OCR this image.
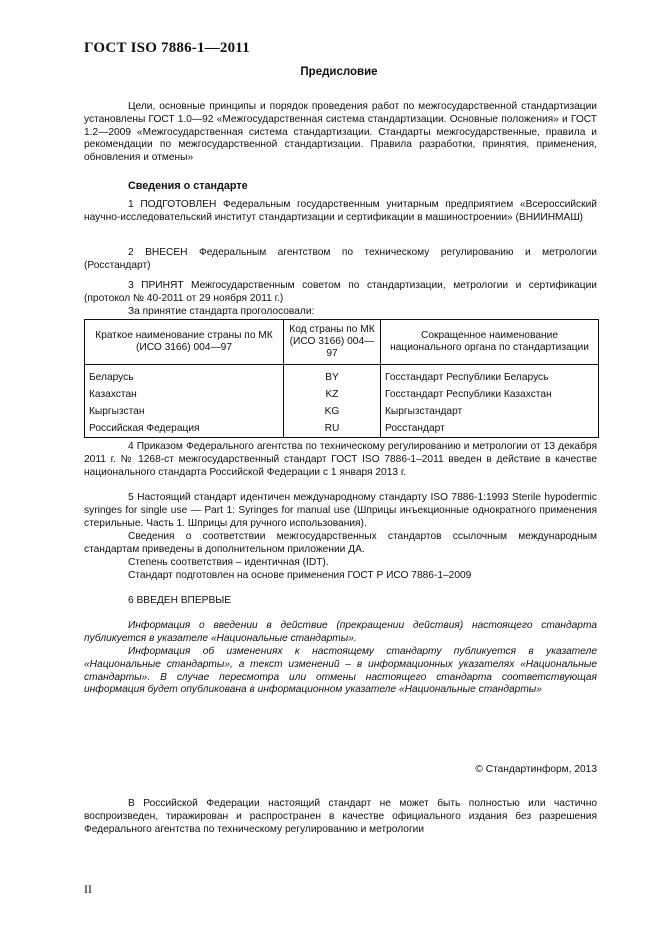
ГОСТ ISO 7886-1—2011
Предисловие
Цели, основные принципы и порядок проведения работ по межгосударственной стандартизации установлены ГОСТ 1.0—92 «Межгосударственная система стандартизации. Основные положения» и ГОСТ 1.2—2009 «Межгосударственная система стандартизации. Стандарты межгосударственные, правила и рекомендации по межгосударственной стандартизации. Правила разработки, принятия, применения, обновления и отмены»
Сведения о стандарте
1 ПОДГОТОВЛЕН Федеральным государственным унитарным предприятием «Всероссийский научно-исследовательский институт стандартизации и сертификации в машиностроении» (ВНИИНМАШ)
2 ВНЕСЕН Федеральным агентством по техническому регулированию и метрологии (Росстандарт)
3 ПРИНЯТ Межгосударственным советом по стандартизации, метрологии и сертификации (протокол № 40-2011 от 29 ноября 2011 г.)
За принятие стандарта проголосовали:
Краткое наименование страны по МК (ИСО 3166) 004—97	Код страны по МК (ИСО 3166) 004—97	Сокращенное наименование национального органа по стандартизации
Беларусь	BY	Госстандарт Республики Беларусь
Казахстан	KZ	Госстандарт Республики Казахстан
Кыргызстан	KG	Кыргызстандарт
Российская Федерация	RU	Росстандарт
4 Приказом Федерального агентства по техническому регулированию и метрологии от 13 декабря 2011 г. № 1268-ст межгосударственный стандарт ГОСТ ISO 7886-1–2011 введен в действие в качестве национального стандарта Российской Федерации с 1 января 2013 г.
5 Настоящий стандарт идентичен международному стандарту ISO 7886-1:1993 Sterile hypodermic syringes for single use — Part 1: Syringes for manual use (Шприцы инъекционные однократного применения стерильные. Часть 1. Шприцы для ручного использования).
Сведения о соответствии межгосударственных стандартов ссылочным международным стандартам приведены в дополнительном приложении ДА.
Степень соответствия – идентичная (IDT).
Стандарт подготовлен на основе применения ГОСТ Р ИСО 7886-1–2009
6 ВВЕДЕН ВПЕРВЫЕ
Информация о введении в действие (прекращении действия) настоящего стандарта публикуется в указателе «Национальные стандарты».
Информация об изменениях к настоящему стандарту публикуется в указателе «Национальные стандарты», а текст изменений – в информационных указателях «Национальные стандарты». В случае пересмотра или отмены настоящего стандарта соответствующая информация будет опубликована в информационном указателе «Национальные стандарты»
© Стандартинформ, 2013
В Российской Федерации настоящий стандарт не может быть полностью или частично воспроизведен, тиражирован и распространен в качестве официального издания без разрешения Федерального агентства по техническому регулированию и метрологии
II
